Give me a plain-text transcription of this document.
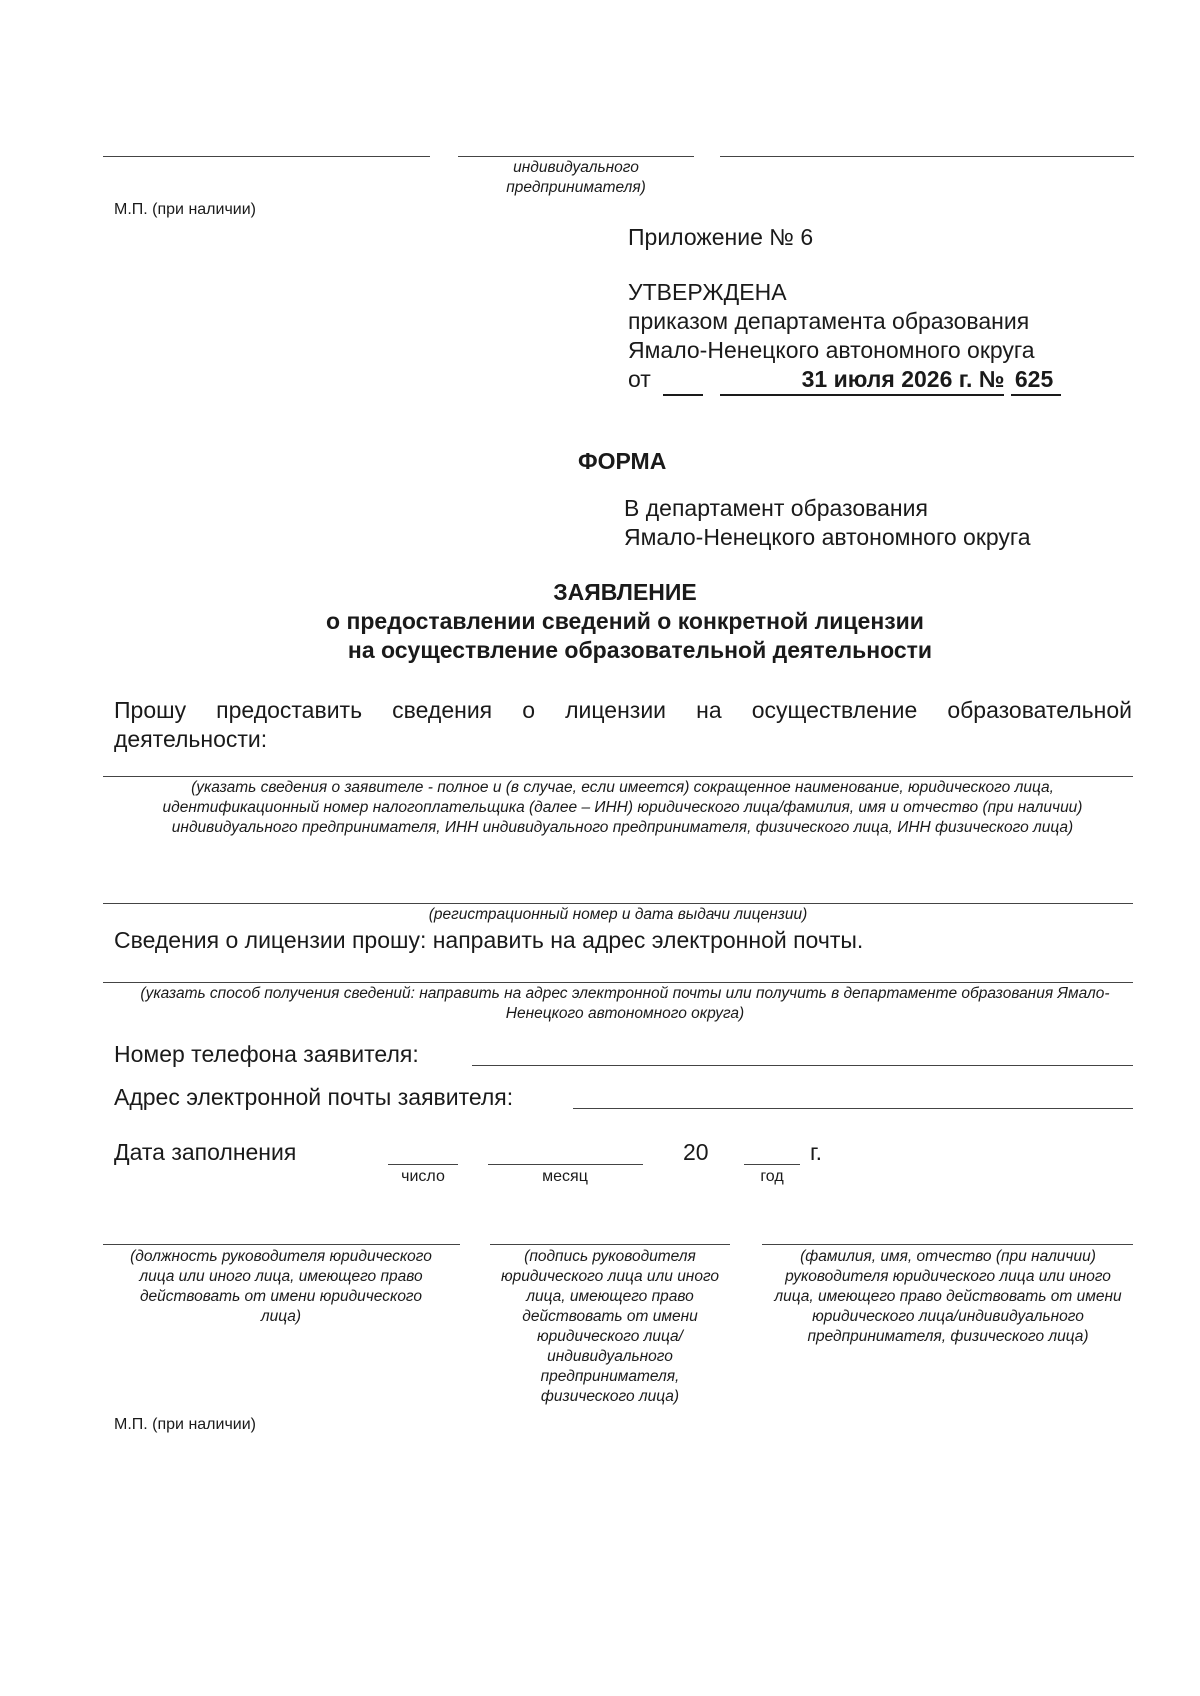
индивидуального
предпринимателя)
М.П. (при наличии)
Приложение № 6
УТВЕРЖДЕНА
приказом департамента образования
Ямало-Ненецкого автономного округа
от	31 июля 2026 г. № 625
ФОРМА
В департамент образования
Ямало-Ненецкого автономного округа
ЗАЯВЛЕНИЕ
о предоставлении сведений о конкретной лицензии
на осуществление образовательной деятельности
Прошу предоставить сведения о лицензии на осуществление образовательной
деятельности:
(указать сведения о заявителе - полное и (в случае, если имеется) сокращенное наименование, юридического лица, идентификационный номер налогоплательщика (далее – ИНН) юридического лица/фамилия, имя и отчество (при наличии) индивидуального предпринимателя, ИНН индивидуального предпринимателя, физического лица, ИНН физического лица)
(регистрационный номер и дата выдачи лицензии)
Сведения о лицензии прошу: направить на адрес электронной почты.
(указать способ получения сведений: направить на адрес электронной почты или получить в департаменте образования Ямало-Ненецкого автономного округа)
Номер телефона заявителя:
Адрес электронной почты заявителя:
Дата заполнения	20	г.
число	месяц	год
(должность руководителя юридического лица или иного лица, имеющего право действовать от имени юридического лица)
(подпись руководителя юридического лица или иного лица, имеющего право действовать от имени юридического лица/индивидуального предпринимателя, физического лица)
(фамилия, имя, отчество (при наличии) руководителя юридического лица или иного лица, имеющего право действовать от имени юридического лица/индивидуального предпринимателя, физического лица)
М.П. (при наличии)
